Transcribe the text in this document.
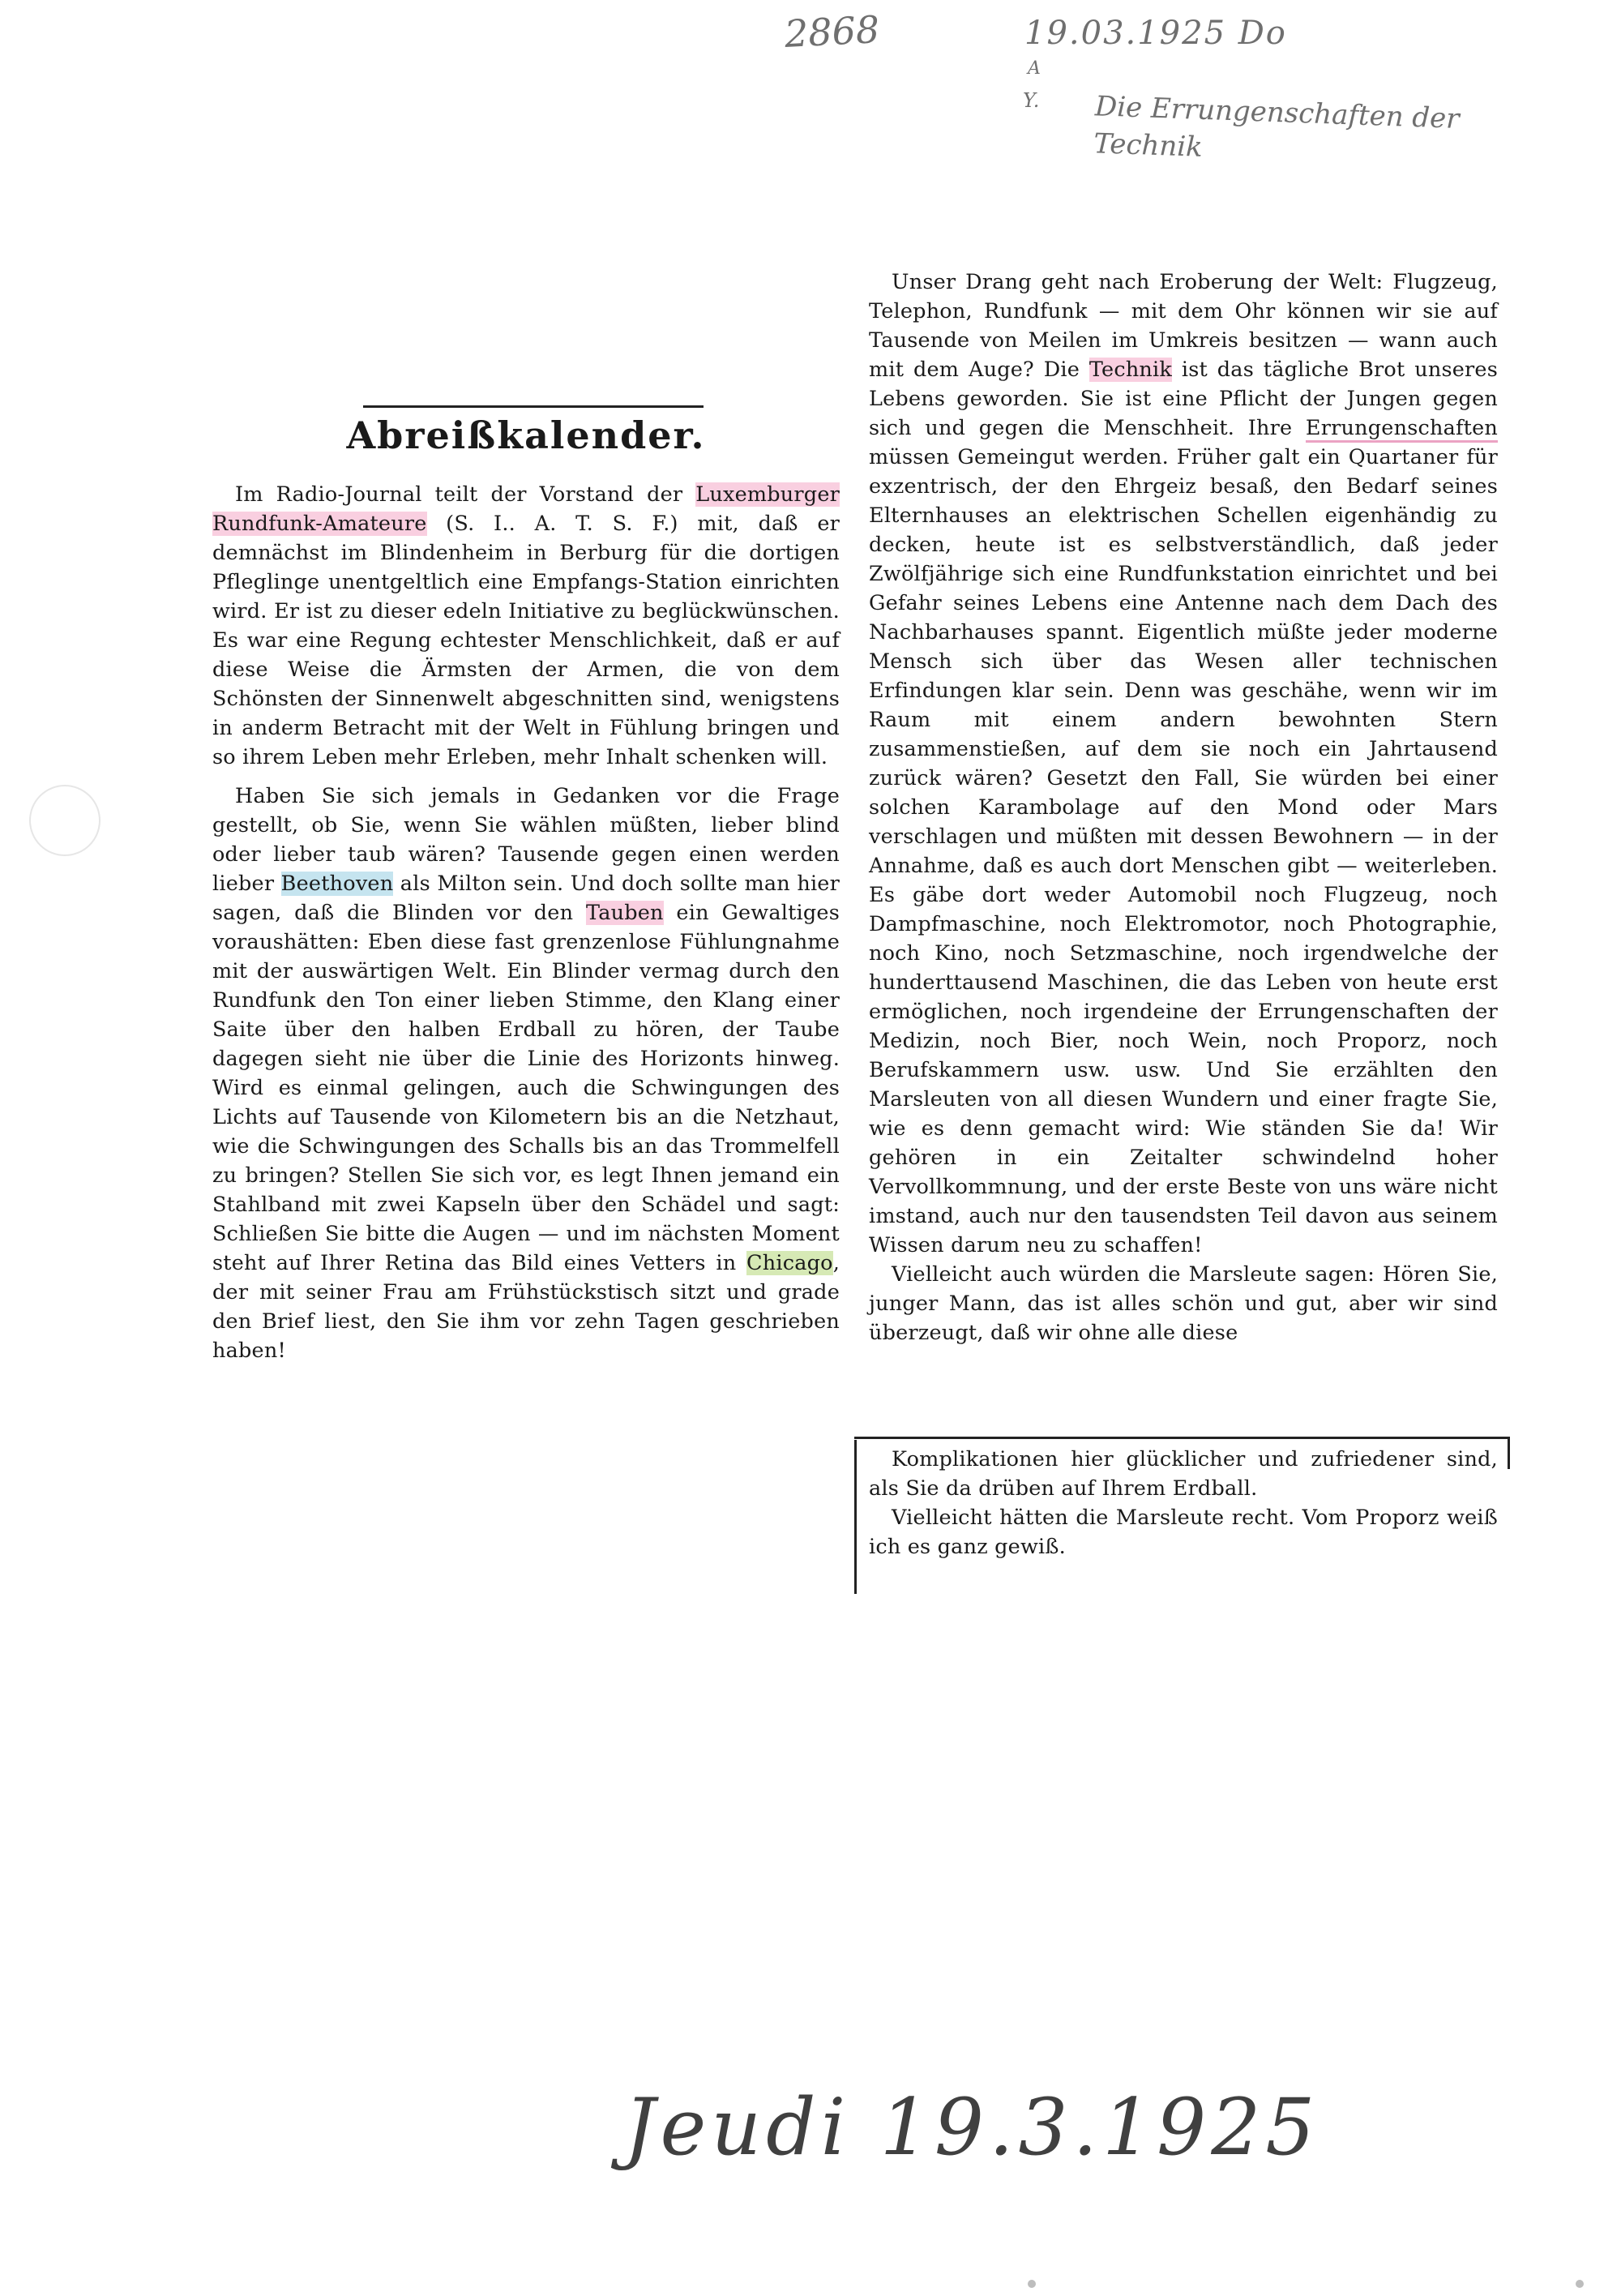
2868	19.03.1925 Do
A
Y. Die Errungenschaften der Technik
Abreißkalender.

Im Radio-Journal teilt der Vorstand der Luxemburger Rundfunk-Amateure (S. I.. A. T. S. F.) mit, daß er demnächst im Blindenheim in Berburg für die dortigen Pfleglinge unentgeltlich eine Empfangs-Station einrichten wird. Er ist zu dieser edeln Initiative zu beglückwünschen. Es war eine Regung echtester Menschlichkeit, daß er auf diese Weise die Ärmsten der Armen, die von dem Schönsten der Sinnenwelt abgeschnitten sind, wenigstens in anderm Betracht mit der Welt in Fühlung bringen und so ihrem Leben mehr Erleben, mehr Inhalt schenken will.

Haben Sie sich jemals in Gedanken vor die Frage gestellt, ob Sie, wenn Sie wählen müßten, lieber blind oder lieber taub wären? Tausende gegen einen werden lieber Beethoven als Milton sein. Und doch sollte man hier sagen, daß die Blinden vor den Tauben ein Gewaltiges voraushätten: Eben diese fast grenzenlose Fühlungnahme mit der auswärtigen Welt. Ein Blinder vermag durch den Rundfunk den Ton einer lieben Stimme, den Klang einer Saite über den halben Erdball zu hören, der Taube dagegen sieht nie über die Linie des Horizonts hinweg. Wird es einmal gelingen, auch die Schwingungen des Lichts auf Tausende von Kilometern bis an die Netzhaut, wie die Schwingungen des Schalls bis an das Trommelfell zu bringen? Stellen Sie sich vor, es legt Ihnen jemand ein Stahlband mit zwei Kapseln über den Schädel und sagt: Schließen Sie bitte die Augen — und im nächsten Moment steht auf Ihrer Retina das Bild eines Vetters in Chicago, der mit seiner Frau am Frühstückstisch sitzt und grade den Brief liest, den Sie ihm vor zehn Tagen geschrieben haben!

Unser Drang geht nach Eroberung der Welt: Flugzeug, Telephon, Rundfunk — mit dem Ohr können wir sie auf Tausende von Meilen im Umkreis besitzen — wann auch mit dem Auge? Die Technik ist das tägliche Brot unseres Lebens geworden. Sie ist eine Pflicht der Jungen gegen sich und gegen die Menschheit. Ihre Errungenschaften müssen Gemeingut werden. Früher galt ein Quartaner für exzentrisch, der den Ehrgeiz besaß, den Bedarf seines Elternhauses an elektrischen Schellen eigenhändig zu decken, heute ist es selbstverständlich, daß jeder Zwölfjährige sich eine Rundfunkstation einrichtet und bei Gefahr seines Lebens eine Antenne nach dem Dach des Nachbarhauses spannt. Eigentlich müßte jeder moderne Mensch sich über das Wesen aller technischen Erfindungen klar sein. Denn was geschähe, wenn wir im Raum mit einem andern bewohnten Stern zusammenstießen, auf dem sie noch ein Jahrtausend zurück wären? Gesetzt den Fall, Sie würden bei einer solchen Karambolage auf den Mond oder Mars verschlagen und müßten mit dessen Bewohnern — in der Annahme, daß es auch dort Menschen gibt — weiterleben. Es gäbe dort weder Automobil noch Flugzeug, noch Dampfmaschine, noch Elektromotor, noch Photographie, noch Kino, noch Setzmaschine, noch irgendwelche der hunderttausend Maschinen, die das Leben von heute erst ermöglichen, noch irgendeine der Errungenschaften der Medizin, noch Bier, noch Wein, noch Proporz, noch Berufskammern usw. usw. Und Sie erzählten den Marsleuten von all diesen Wundern und einer fragte Sie, wie es denn gemacht wird: Wie ständen Sie da! Wir gehören in ein Zeitalter schwindelnd hoher Vervollkommnung, und der erste Beste von uns wäre nicht imstand, auch nur den tausendsten Teil davon aus seinem Wissen darum neu zu schaffen!

Vielleicht auch würden die Marsleute sagen: Hören Sie, junger Mann, das ist alles schön und gut, aber wir sind überzeugt, daß wir ohne alle diese

Komplikationen hier glücklicher und zufriedener sind, als Sie da drüben auf Ihrem Erdball.

Vielleicht hätten die Marsleute recht. Vom Proporz weiß ich es ganz gewiß.

Jeudi 19.3.1925
